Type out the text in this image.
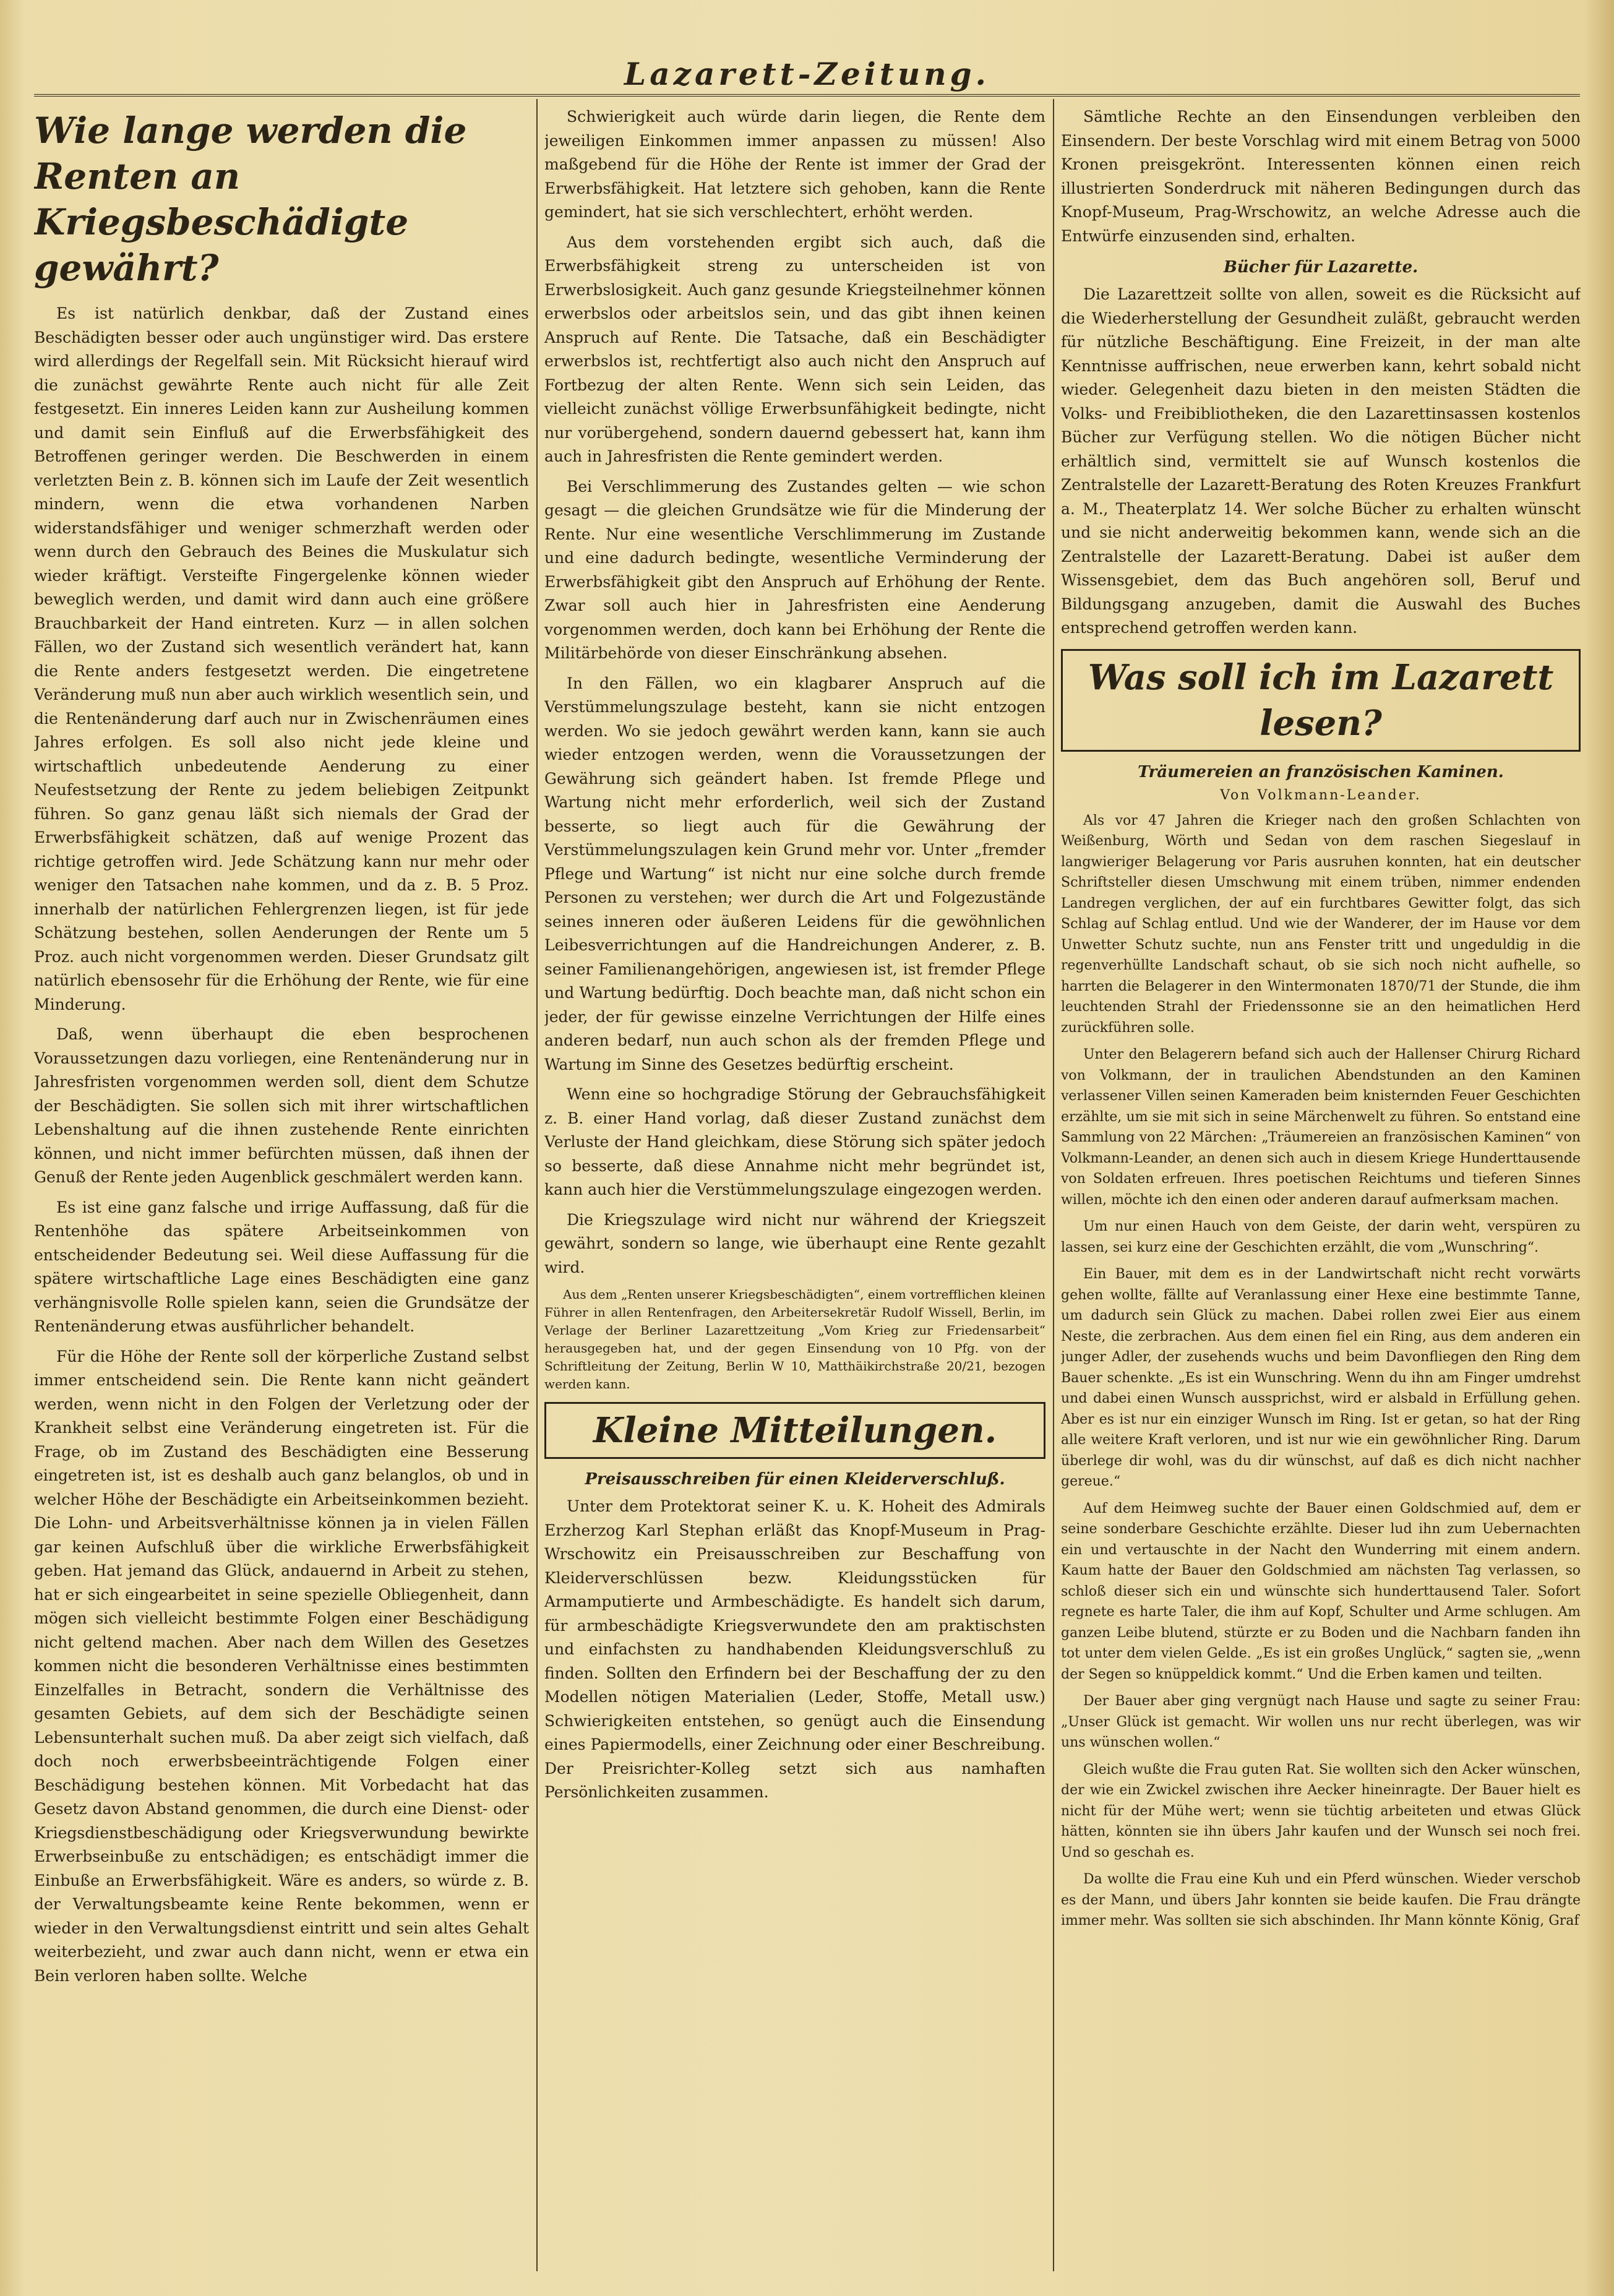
Lazarett-Zeitung.
Wie lange werden die Renten an Kriegsbeschädigte gewährt?

Es ist natürlich denkbar, daß der Zustand eines Beschädigten besser oder auch ungünstiger wird. Das erstere wird allerdings der Regelfall sein. Mit Rücksicht hierauf wird die zunächst gewährte Rente auch nicht für alle Zeit festgesetzt. Ein inneres Leiden kann zur Ausheilung kommen und damit sein Einfluß auf die Erwerbsfähigkeit des Betroffenen geringer werden. Die Beschwerden in einem verletzten Bein z. B. können sich im Laufe der Zeit wesentlich mindern, wenn die etwa vorhandenen Narben widerstandsfähiger und weniger schmerzhaft werden oder wenn durch den Gebrauch des Beines die Muskulatur sich wieder kräftigt. Versteifte Fingergelenke können wieder beweglich werden, und damit wird dann auch eine größere Brauchbarkeit der Hand eintreten. Kurz — in allen solchen Fällen, wo der Zustand sich wesentlich verändert hat, kann die Rente anders festgesetzt werden. Die eingetretene Veränderung muß nun aber auch wirklich wesentlich sein, und die Rentenänderung darf auch nur in Zwischenräumen eines Jahres erfolgen. Es soll also nicht jede kleine und wirtschaftlich unbedeutende Aenderung zu einer Neufestsetzung der Rente zu jedem beliebigen Zeitpunkt führen. So ganz genau läßt sich niemals der Grad der Erwerbsfähigkeit schätzen, daß auf wenige Prozent das richtige getroffen wird. Jede Schätzung kann nur mehr oder weniger den Tatsachen nahe kommen, und da z. B. 5 Proz. innerhalb der natürlichen Fehlergrenzen liegen, ist für jede Schätzung bestehen, sollen Aenderungen der Rente um 5 Proz. auch nicht vorgenommen werden. Dieser Grundsatz gilt natürlich ebensosehr für die Erhöhung der Rente, wie für eine Minderung.

Daß, wenn überhaupt die eben besprochenen Voraussetzungen dazu vorliegen, eine Rentenänderung nur in Jahresfristen vorgenommen werden soll, dient dem Schutze der Beschädigten. Sie sollen sich mit ihrer wirtschaftlichen Lebenshaltung auf die ihnen zustehende Rente einrichten können, und nicht immer befürchten müssen, daß ihnen der Genuß der Rente jeden Augenblick geschmälert werden kann.

Es ist eine ganz falsche und irrige Auffassung, daß für die Rentenhöhe das spätere Arbeitseinkommen von entscheidender Bedeutung sei. Weil diese Auffassung für die spätere wirtschaftliche Lage eines Beschädigten eine ganz verhängnisvolle Rolle spielen kann, seien die Grundsätze der Rentenänderung etwas ausführlicher behandelt.

Für die Höhe der Rente soll der körperliche Zustand selbst immer entscheidend sein. Die Rente kann nicht geändert werden, wenn nicht in den Folgen der Verletzung oder der Krankheit selbst eine Veränderung eingetreten ist. Für die Frage, ob im Zustand des Beschädigten eine Besserung eingetreten ist, ist es deshalb auch ganz belanglos, ob und in welcher Höhe der Beschädigte ein Arbeitseinkommen bezieht. Die Lohn- und Arbeitsverhältnisse können ja in vielen Fällen gar keinen Aufschluß über die wirkliche Erwerbsfähigkeit geben. Hat jemand das Glück, andauernd in Arbeit zu stehen, hat er sich eingearbeitet in seine spezielle Obliegenheit, dann mögen sich vielleicht bestimmte Folgen einer Beschädigung nicht geltend machen. Aber nach dem Willen des Gesetzes kommen nicht die besonderen Verhältnisse eines bestimmten Einzelfalles in Betracht, sondern die Verhältnisse des gesamten Gebiets, auf dem sich der Beschädigte seinen Lebensunterhalt suchen muß. Da aber zeigt sich vielfach, daß doch noch erwerbsbeeinträchtigende Folgen einer Beschädigung bestehen können. Mit Vorbedacht hat das Gesetz davon Abstand genommen, die durch eine Dienst- oder Kriegsdienstbeschädigung oder Kriegsverwundung bewirkte Erwerbseinbuße zu entschädigen; es entschädigt immer die Einbuße an Erwerbsfähigkeit. Wäre es anders, so würde z. B. der Verwaltungsbeamte keine Rente bekommen, wenn er wieder in den Verwaltungsdienst eintritt und sein altes Gehalt weiterbezieht, und zwar auch dann nicht, wenn er etwa ein Bein verloren haben sollte. Welche

Schwierigkeit auch würde darin liegen, die Rente dem jeweiligen Einkommen immer anpassen zu müssen! Also maßgebend für die Höhe der Rente ist immer der Grad der Erwerbsfähigkeit. Hat letztere sich gehoben, kann die Rente gemindert, hat sie sich verschlechtert, erhöht werden.

Aus dem vorstehenden ergibt sich auch, daß die Erwerbsfähigkeit streng zu unterscheiden ist von Erwerbslosigkeit. Auch ganz gesunde Kriegsteilnehmer können erwerbslos oder arbeitslos sein, und das gibt ihnen keinen Anspruch auf Rente. Die Tatsache, daß ein Beschädigter erwerbslos ist, rechtfertigt also auch nicht den Anspruch auf Fortbezug der alten Rente. Wenn sich sein Leiden, das vielleicht zunächst völlige Erwerbsunfähigkeit bedingte, nicht nur vorübergehend, sondern dauernd gebessert hat, kann ihm auch in Jahresfristen die Rente gemindert werden.

Bei Verschlimmerung des Zustandes gelten — wie schon gesagt — die gleichen Grundsätze wie für die Minderung der Rente. Nur eine wesentliche Verschlimmerung im Zustande und eine dadurch bedingte, wesentliche Verminderung der Erwerbsfähigkeit gibt den Anspruch auf Erhöhung der Rente. Zwar soll auch hier in Jahresfristen eine Aenderung vorgenommen werden, doch kann bei Erhöhung der Rente die Militärbehörde von dieser Einschränkung absehen.

In den Fällen, wo ein klagbarer Anspruch auf die Verstümmelungszulage besteht, kann sie nicht entzogen werden. Wo sie jedoch gewährt werden kann, kann sie auch wieder entzogen werden, wenn die Voraussetzungen der Gewährung sich geändert haben. Ist fremde Pflege und Wartung nicht mehr erforderlich, weil sich der Zustand besserte, so liegt auch für die Gewährung der Verstümmelungszulagen kein Grund mehr vor. Unter „fremder Pflege und Wartung“ ist nicht nur eine solche durch fremde Personen zu verstehen; wer durch die Art und Folgezustände seines inneren oder äußeren Leidens für die gewöhnlichen Leibesverrichtungen auf die Handreichungen Anderer, z. B. seiner Familienangehörigen, angewiesen ist, ist fremder Pflege und Wartung bedürftig. Doch beachte man, daß nicht schon ein jeder, der für gewisse einzelne Verrichtungen der Hilfe eines anderen bedarf, nun auch schon als der fremden Pflege und Wartung im Sinne des Gesetzes bedürftig erscheint.

Wenn eine so hochgradige Störung der Gebrauchsfähigkeit z. B. einer Hand vorlag, daß dieser Zustand zunächst dem Verluste der Hand gleichkam, diese Störung sich später jedoch so besserte, daß diese Annahme nicht mehr begründet ist, kann auch hier die Verstümmelungszulage eingezogen werden.

Die Kriegszulage wird nicht nur während der Kriegszeit gewährt, sondern so lange, wie überhaupt eine Rente gezahlt wird.

Aus dem „Renten unserer Kriegsbeschädigten“, einem vortrefflichen kleinen Führer in allen Rentenfragen, den Arbeitersekretär Rudolf Wissell, Berlin, im Verlage der Berliner Lazarettzeitung „Vom Krieg zur Friedensarbeit“ herausgegeben hat, und der gegen Einsendung von 10 Pfg. von der Schriftleitung der Zeitung, Berlin W 10, Matthäikirchstraße 20/21, bezogen werden kann.

Kleine Mitteilungen.
Preisausschreiben für einen Kleiderverschluß.

Unter dem Protektorat seiner K. u. K. Hoheit des Admirals Erzherzog Karl Stephan erläßt das Knopf-Museum in Prag-Wrschowitz ein Preisausschreiben zur Beschaffung von Kleiderverschlüssen bezw. Kleidungsstücken für Armamputierte und Armbeschädigte. Es handelt sich darum, für armbeschädigte Kriegsverwundete den am praktischsten und einfachsten zu handhabenden Kleidungsverschluß zu finden. Sollten den Erfindern bei der Beschaffung der zu den Modellen nötigen Materialien (Leder, Stoffe, Metall usw.) Schwierigkeiten entstehen, so genügt auch die Einsendung eines Papiermodells, einer Zeichnung oder einer Beschreibung. Der Preisrichter-Kolleg setzt sich aus namhaften Persönlichkeiten zusammen.

Sämtliche Rechte an den Einsendungen verbleiben den Einsendern. Der beste Vorschlag wird mit einem Betrag von 5000 Kronen preisgekrönt. Interessenten können einen reich illustrierten Sonderdruck mit näheren Bedingungen durch das Knopf-Museum, Prag-Wrschowitz, an welche Adresse auch die Entwürfe einzusenden sind, erhalten.

Bücher für Lazarette.

Die Lazarettzeit sollte von allen, soweit es die Rücksicht auf die Wiederherstellung der Gesundheit zuläßt, gebraucht werden für nützliche Beschäftigung. Eine Freizeit, in der man alte Kenntnisse auffrischen, neue erwerben kann, kehrt sobald nicht wieder. Gelegenheit dazu bieten in den meisten Städten die Volks- und Freibibliotheken, die den Lazarettinsassen kostenlos Bücher zur Verfügung stellen. Wo die nötigen Bücher nicht erhältlich sind, vermittelt sie auf Wunsch kostenlos die Zentralstelle der Lazarett-Beratung des Roten Kreuzes Frankfurt a. M., Theaterplatz 14. Wer solche Bücher zu erhalten wünscht und sie nicht anderweitig bekommen kann, wende sich an die Zentralstelle der Lazarett-Beratung. Dabei ist außer dem Wissensgebiet, dem das Buch angehören soll, Beruf und Bildungsgang anzugeben, damit die Auswahl des Buches entsprechend getroffen werden kann.

Was soll ich im Lazarett lesen?
Träumereien an französischen Kaminen.
Von Volkmann-Leander.

Als vor 47 Jahren die Krieger nach den großen Schlachten von Weißenburg, Wörth und Sedan von dem raschen Siegeslauf in langwieriger Belagerung vor Paris ausruhen konnten, hat ein deutscher Schriftsteller diesen Umschwung mit einem trüben, nimmer endenden Landregen verglichen, der auf ein furchtbares Gewitter folgt, das sich Schlag auf Schlag entlud. Und wie der Wanderer, der im Hause vor dem Unwetter Schutz suchte, nun ans Fenster tritt und ungeduldig in die regenverhüllte Landschaft schaut, ob sie sich noch nicht aufhelle, so harrten die Belagerer in den Wintermonaten 1870/71 der Stunde, die ihm leuchtenden Strahl der Friedenssonne sie an den heimatlichen Herd zurückführen solle.

Unter den Belagerern befand sich auch der Hallenser Chirurg Richard von Volkmann, der in traulichen Abendstunden an den Kaminen verlassener Villen seinen Kameraden beim knisternden Feuer Geschichten erzählte, um sie mit sich in seine Märchenwelt zu führen. So entstand eine Sammlung von 22 Märchen: „Träumereien an französischen Kaminen“ von Volkmann-Leander, an denen sich auch in diesem Kriege Hunderttausende von Soldaten erfreuen. Ihres poetischen Reichtums und tieferen Sinnes willen, möchte ich den einen oder anderen darauf aufmerksam machen.

Um nur einen Hauch von dem Geiste, der darin weht, verspüren zu lassen, sei kurz eine der Geschichten erzählt, die vom „Wunschring“.

Ein Bauer, mit dem es in der Landwirtschaft nicht recht vorwärts gehen wollte, fällte auf Veranlassung einer Hexe eine bestimmte Tanne, um dadurch sein Glück zu machen. Dabei rollen zwei Eier aus einem Neste, die zerbrachen. Aus dem einen fiel ein Ring, aus dem anderen ein junger Adler, der zusehends wuchs und beim Davonfliegen den Ring dem Bauer schenkte. „Es ist ein Wunschring. Wenn du ihn am Finger umdrehst und dabei einen Wunsch aussprichst, wird er alsbald in Erfüllung gehen. Aber es ist nur ein einziger Wunsch im Ring. Ist er getan, so hat der Ring alle weitere Kraft verloren, und ist nur wie ein gewöhnlicher Ring. Darum überlege dir wohl, was du dir wünschst, auf daß es dich nicht nachher gereue.“

Auf dem Heimweg suchte der Bauer einen Goldschmied auf, dem er seine sonderbare Geschichte erzählte. Dieser lud ihn zum Uebernachten ein und vertauschte in der Nacht den Wunderring mit einem andern. Kaum hatte der Bauer den Goldschmied am nächsten Tag verlassen, so schloß dieser sich ein und wünschte sich hunderttausend Taler. Sofort regnete es harte Taler, die ihm auf Kopf, Schulter und Arme schlugen. Am ganzen Leibe blutend, stürzte er zu Boden und die Nachbarn fanden ihn tot unter dem vielen Gelde. „Es ist ein großes Unglück,“ sagten sie, „wenn der Segen so knüppeldick kommt.“ Und die Erben kamen und teilten.

Der Bauer aber ging vergnügt nach Hause und sagte zu seiner Frau: „Unser Glück ist gemacht. Wir wollen uns nur recht überlegen, was wir uns wünschen wollen.“

Gleich wußte die Frau guten Rat. Sie wollten sich den Acker wünschen, der wie ein Zwickel zwischen ihre Aecker hineinragte. Der Bauer hielt es nicht für der Mühe wert; wenn sie tüchtig arbeiteten und etwas Glück hätten, könnten sie ihn übers Jahr kaufen und der Wunsch sei noch frei. Und so geschah es.

Da wollte die Frau eine Kuh und ein Pferd wünschen. Wieder verschob es der Mann, und übers Jahr konnten sie beide kaufen. Die Frau drängte immer mehr. Was sollten sie sich abschinden. Ihr Mann könnte König, Graf
